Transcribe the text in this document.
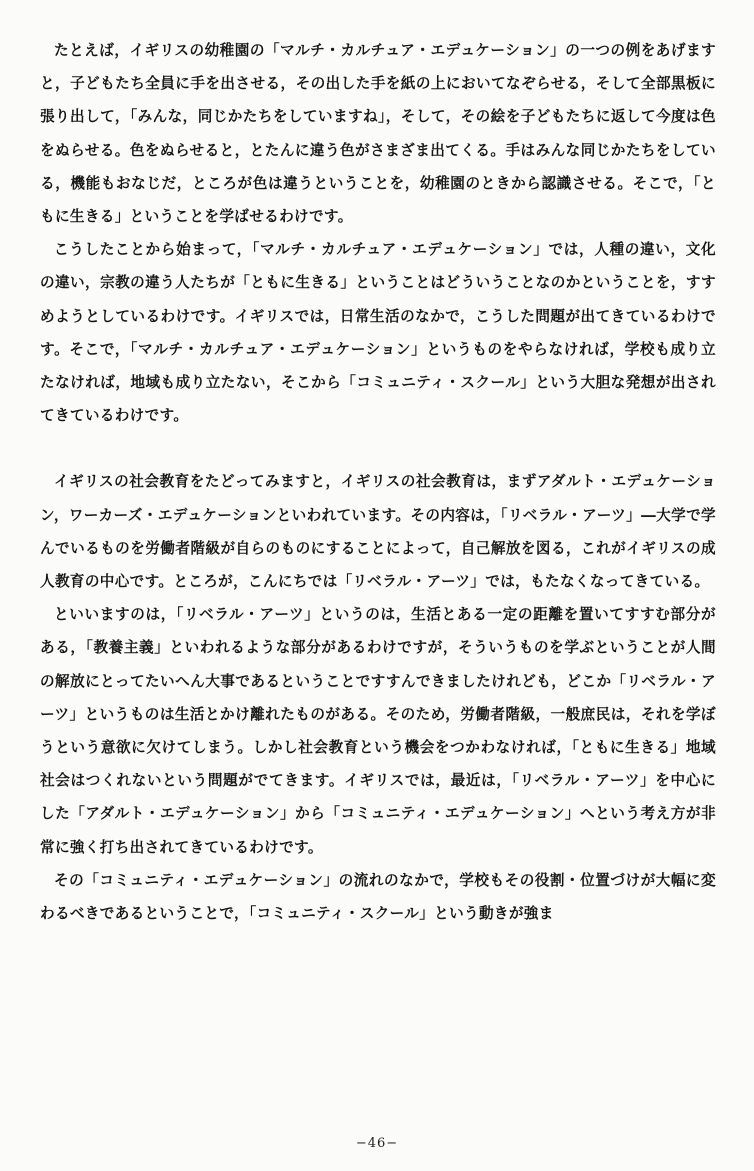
たとえば，イギリスの幼稚園の「マルチ・カルチュア・エデュケーション」の一つの例をあげますと，子どもたち全員に手を出させる，その出した手を紙の上においてなぞらせる，そして全部黒板に張り出して，「みんな，同じかたちをしていますね」，そして，その絵を子どもたちに返して今度は色をぬらせる。色をぬらせると，とたんに違う色がさまざま出てくる。手はみんな同じかたちをしている，機能もおなじだ，ところが色は違うということを，幼稚園のときから認識させる。そこで，「ともに生きる」ということを学ばせるわけです。

こうしたことから始まって，「マルチ・カルチュア・エデュケーション」では，人種の違い，文化の違い，宗教の違う人たちが「ともに生きる」ということはどういうことなのかということを，すすめようとしているわけです。イギリスでは，日常生活のなかで，こうした問題が出てきているわけです。そこで，「マルチ・カルチュア・エデュケーション」というものをやらなければ，学校も成り立たなければ，地域も成り立たない，そこから「コミュニティ・スクール」という大胆な発想が出されてきているわけです。

イギリスの社会教育をたどってみますと，イギリスの社会教育は，まずアダルト・エデュケーション，ワーカーズ・エデュケーションといわれています。その内容は，「リベラル・アーツ」―大学で学んでいるものを労働者階級が自らのものにすることによって，自己解放を図る，これがイギリスの成人教育の中心です。ところが，こんにちでは「リベラル・アーツ」では，もたなくなってきている。

といいますのは，「リベラル・アーツ」というのは，生活とある一定の距離を置いてすすむ部分がある，「教養主義」といわれるような部分があるわけですが，そういうものを学ぶということが人間の解放にとってたいへん大事であるということですすんできましたけれども，どこか「リベラル・アーツ」というものは生活とかけ離れたものがある。そのため，労働者階級，一般庶民は，それを学ぼうという意欲に欠けてしまう。しかし社会教育という機会をつかわなければ，「ともに生きる」地域社会はつくれないという問題がでてきます。イギリスでは，最近は，「リベラル・アーツ」を中心にした「アダルト・エデュケーション」から「コミュニティ・エデュケーション」へという考え方が非常に強く打ち出されてきているわけです。

その「コミュニティ・エデュケーション」の流れのなかで，学校もその役割・位置づけが大幅に変わるべきであるということで，「コミュニティ・スクール」という動きが強ま

−46−
